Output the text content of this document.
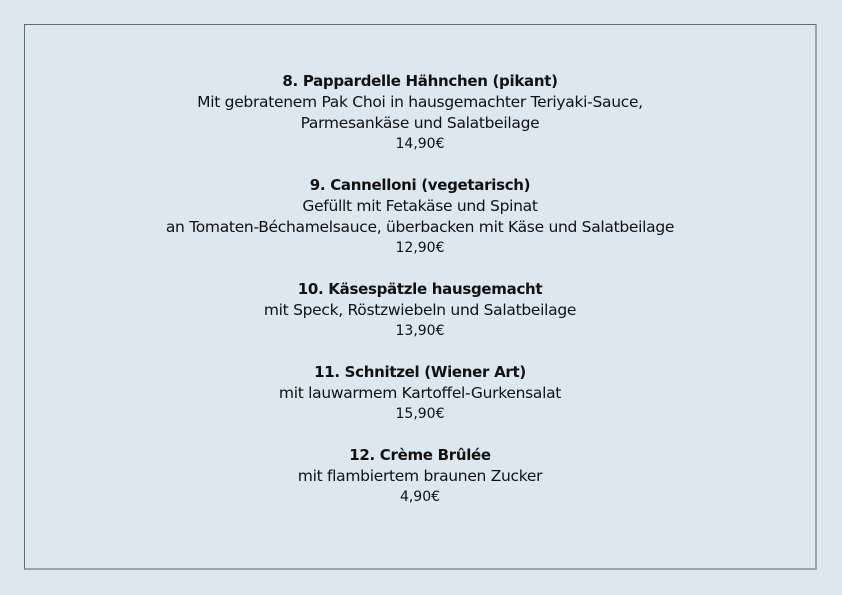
8. Pappardelle Hähnchen (pikant)
Mit gebratenem Pak Choi in hausgemachter Teriyaki-Sauce,
Parmesankäse und Salatbeilage
14,90€
9. Cannelloni (vegetarisch)
Gefüllt mit Fetakäse und Spinat
an Tomaten-Béchamelsauce, überbacken mit Käse und Salatbeilage
12,90€
10. Käsespätzle hausgemacht
mit Speck, Röstzwiebeln und Salatbeilage
13,90€
11. Schnitzel (Wiener Art)
mit lauwarmem Kartoffel-Gurkensalat
15,90€
12. Crème Brûlée
mit flambiertem braunen Zucker
4,90€
